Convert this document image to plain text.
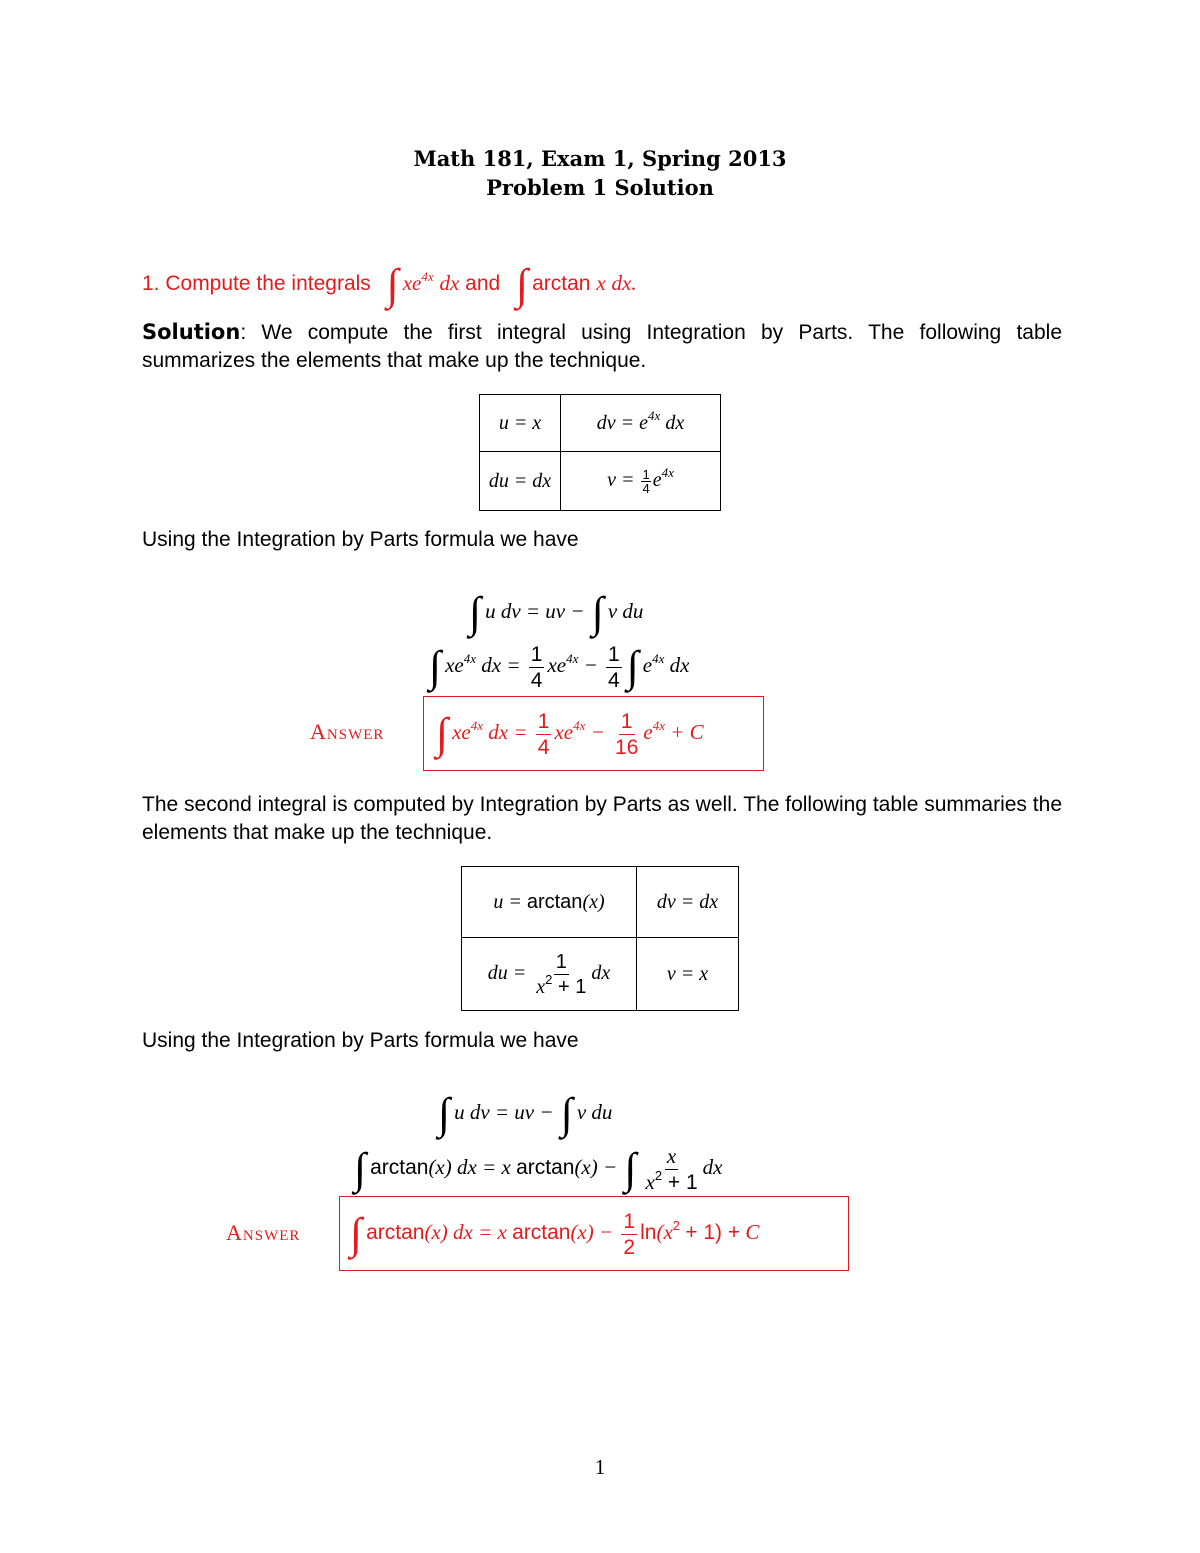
Math 181, Exam 1, Spring 2013
Problem 1 Solution
1. Compute the integrals ∫ $xe^{4x}$ dx and ∫ arctan x dx.
Solution: We compute the first integral using Integration by Parts. The following table summarizes the elements that make up the technique.
u = x	dv = $e^{4x}$ dx
du = dx	$v = \frac{1}{4} e^{4x}$
Using the Integration by Parts formula we have
∫ u dv = uv − ∫ v du
∫ $xe^{4x}$ dx = $\frac{1}{4} xe^{4x} - \frac{1}{4}$ ∫ $e^{4x}$ dx
Answer ∫ $xe^{4x}$ dx = $\frac{1}{4} xe^{4x} - \frac{1}{16} e^{4x} + C$
The second integral is computed by Integration by Parts as well. The following table summaries the elements that make up the technique.
u = arctan(x)	dv = dx
du = $\frac{1}{x^2 + 1}$ dx	v = x
Using the Integration by Parts formula we have
∫ u dv = uv − ∫ v du
∫ arctan(x) dx = x arctan(x) − ∫ $\frac{x}{x^2 + 1}$ dx
Answer ∫ arctan(x) dx = x $\arctan(x) - \frac{1}{2} \ln(x^2 + 1) + C$
1
